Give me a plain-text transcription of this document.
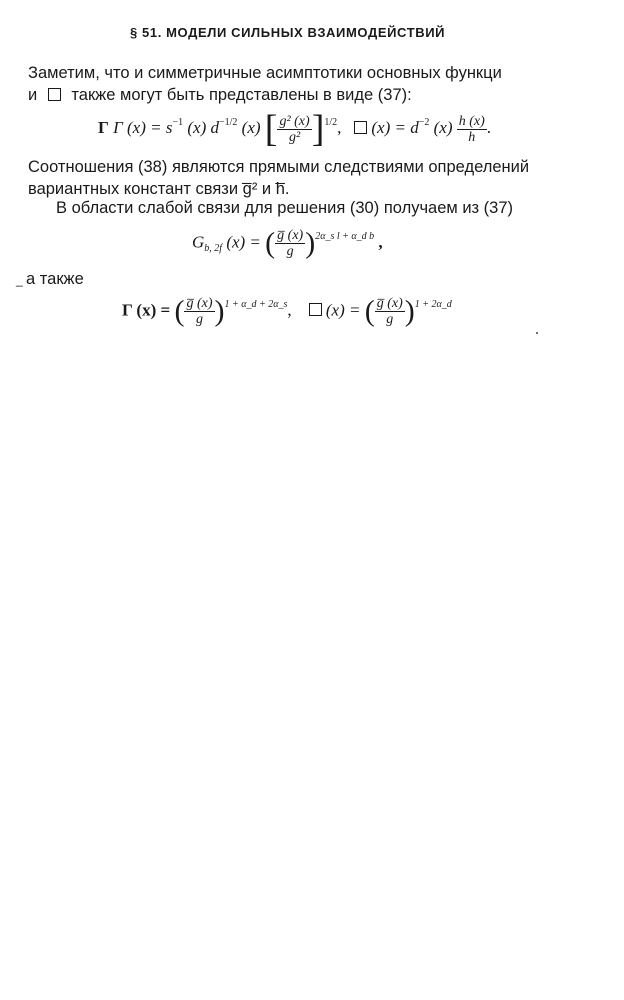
§ 51. МОДЕЛИ СИЛЬНЫХ ВЗАИМОДЕЙСТВИЙ
Заметим, что и симметричные асимптотики основных функци
и также могут быть представлены в виде (37):
Γ Γ $(x) = s^{-1}$ (x) $d^{-1/2}$ (x) [ $\frac{\text{g² (x)}}{\text{g²}} ]^{1/2}$,    $(x) = d^{-2}$ $(x) \frac{h (x)}{h}$ .
Соотношения (38) являются прямыми следствиями определений
вариантных констант связи g̅² и h̅.
В области слабой связи для решения (30) получаем из (37)
$G_{b, 2f}$ (x) = ( $\frac{g̅ (x)}{g} )^{2\alpha\_s l + \alpha\_d b}$ ,
_ а также
Γ (x) = ( $\frac{g̅ (x)}{g} )^{1 + \alpha\_d + 2\alpha\_s}$,     (x) = ( $\frac{g̅ (x)}{g} )^{1 + 2\alpha\_d}$
